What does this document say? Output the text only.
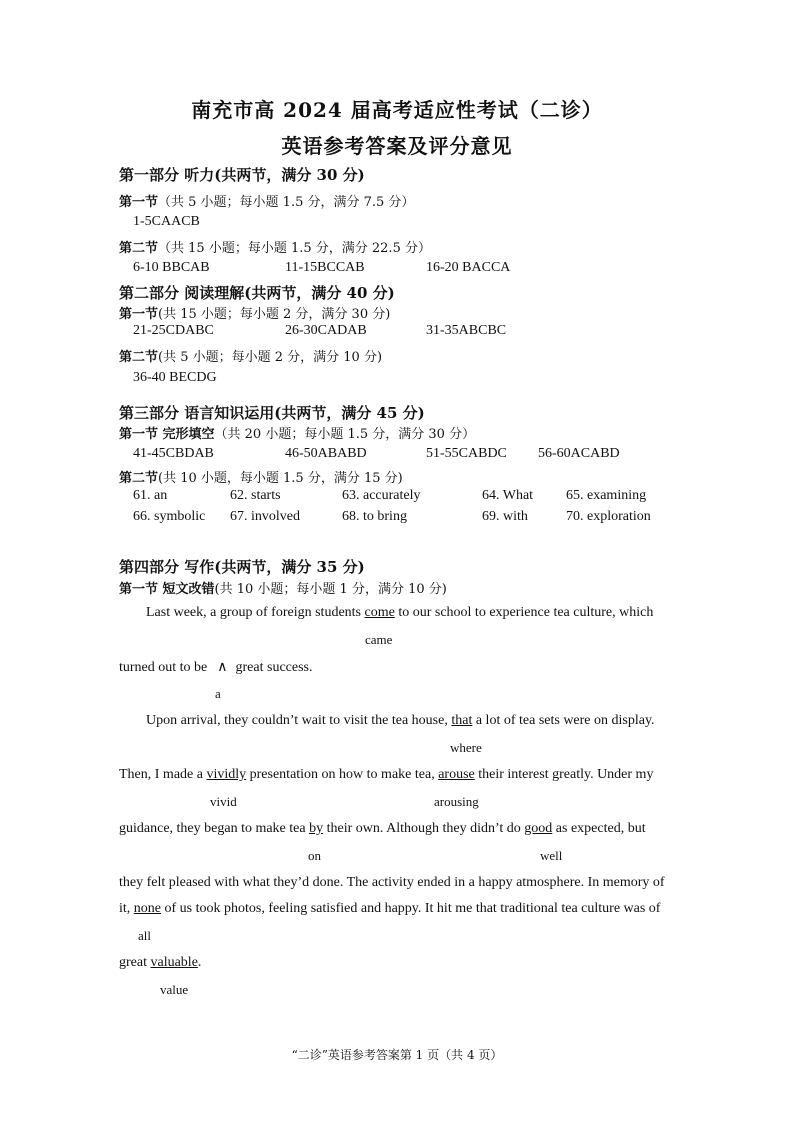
南充市高 2024 届高考适应性考试（二诊）
英语参考答案及评分意见
第一部分 听力(共两节，满分 30 分)
第一节（共 5 小题；每小题 1.5 分，满分 7.5 分）
1-5CAACB
第二节（共 15 小题；每小题 1.5 分，满分 22.5 分）
6-10 BBCAB	11-15BCCAB	16-20 BACCA
第二部分 阅读理解(共两节，满分 40 分)
第一节(共 15 小题；每小题 2 分，满分 30 分)
21-25CDABC	26-30CADAB	31-35ABCBC
第二节(共 5 小题；每小题 2 分，满分 10 分)
36-40 BECDG
第三部分 语言知识运用(共两节，满分 45 分)
第一节 完形填空（共 20 小题；每小题 1.5 分，满分 30 分）
41-45CBDAB	46-50ABABD	51-55CABDC 56-60ACABD
第二节(共 10 小题，每小题 1.5 分，满分 15 分)
61. an	62. starts	63. accurately	64. What 65. examining
66. symbolic 67. involved	68. to bring	69. with	70. exploration
第四部分 写作(共两节，满分 35 分)
第一节 短文改错(共 10 小题；每小题 1 分，满分 10 分)
Last week, a group of foreign students come to our school to experience tea culture, which
came
turned out to be ∧ great success.
a
Upon arrival, they couldn’t wait to visit the tea house, that a lot of tea sets were on display.
where
Then, I made a vividly presentation on how to make tea, arouse their interest greatly. Under my
vivid	arousing
guidance, they began to make tea by their own. Although they didn’t do good as expected, but
on	well
they felt pleased with what they’d done. The activity ended in a happy atmosphere. In memory of
it, none of us took photos, feeling satisfied and happy. It hit me that traditional tea culture was of
all
great valuable.
value
“二诊”英语参考答案第 1 页（共 4 页）
